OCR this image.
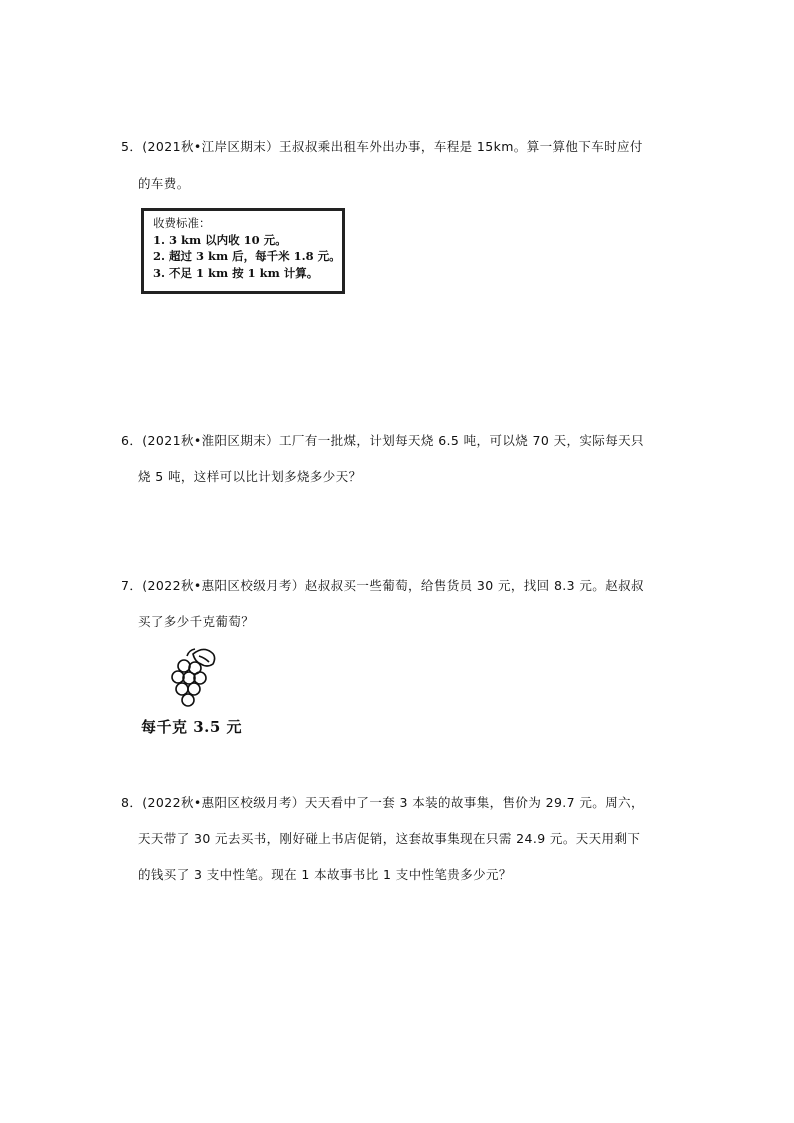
5．(2021秋•江岸区期末）王叔叔乘出租车外出办事，车程是 15km。算一算他下车时应付
的车费。
收费标准：
1. 3 km 以内收 10 元。
2. 超过 3 km 后，每千米 1.8 元。
3. 不足 1 km 按 1 km 计算。
6．(2021秋•淮阳区期末）工厂有一批煤，计划每天烧 6.5 吨，可以烧 70 天，实际每天只
烧 5 吨，这样可以比计划多烧多少天？
7．(2022秋•惠阳区校级月考）赵叔叔买一些葡萄，给售货员 30 元，找回 8.3 元。赵叔叔
买了多少千克葡萄？
每千克 3.5 元
8．(2022秋•惠阳区校级月考）天天看中了一套 3 本装的故事集，售价为 29.7 元。周六，
天天带了 30 元去买书，刚好碰上书店促销，这套故事集现在只需 24.9 元。天天用剩下
的钱买了 3 支中性笔。现在 1 本故事书比 1 支中性笔贵多少元？
